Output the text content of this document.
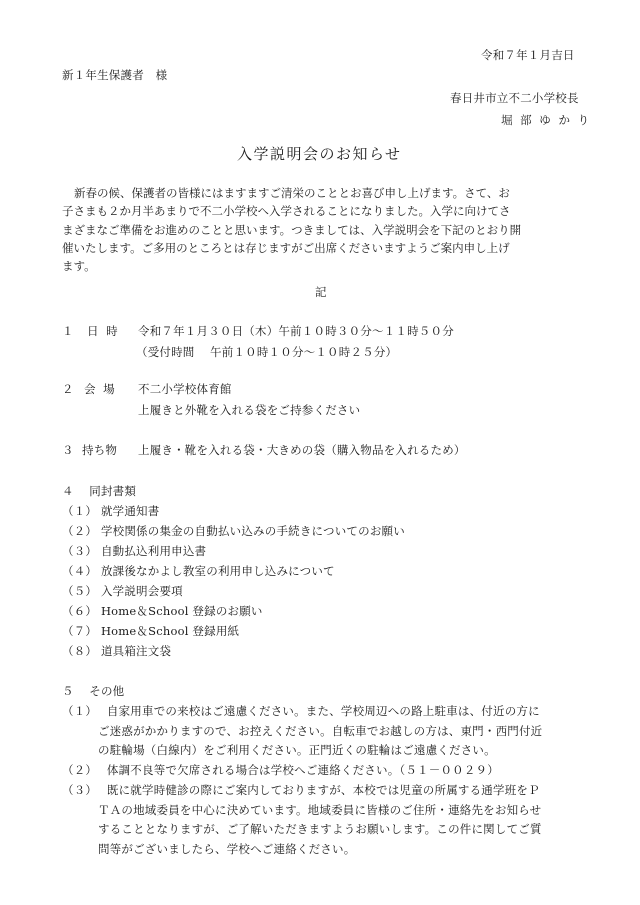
令和７年１月吉日
新１年生保護者　様
春日井市立不二小学校長
堀 部 ゆ か り
入学説明会のお知らせ
新春の候、保護者の皆様にはますますご清栄のこととお喜び申し上げます。さて、お
子さまも２か月半あまりで不二小学校へ入学されることになりました。入学に向けてさ
まざまなご準備をお進めのことと思います。つきましては、入学説明会を下記のとおり開
催いたします。ご多用のところとは存じますがご出席くださいますようご案内申し上げ
ます。
記
１ 日 時 令和７年１月３０日（木）午前１０時３０分～１１時５０分
（受付時間　 午前１０時１０分～１０時２５分）
２ 会 場 不二小学校体育館
上履きと外靴を入れる袋をご持参ください
３ 持ち物 上履き・靴を入れる袋・大きめの袋（購入物品を入れるため）
４　 同封書類
（１） 就学通知書
（２） 学校関係の集金の自動払い込みの手続きについてのお願い
（３） 自動払込利用申込書
（４） 放課後なかよし教室の利用申し込みについて
（５） 入学説明会要項
（６） Home＆School 登録のお願い
（７） Home＆School 登録用紙
（８） 道具箱注文袋
５　 その他
（１）　 自家用車での来校はご遠慮ください。また、学校周辺への路上駐車は、付近の方に
ご迷惑がかかりますので、お控えください。自転車でお越しの方は、東門・西門付近
の駐輪場（白線内）をご利用ください。正門近くの駐輪はご遠慮ください。
（２）　 体調不良等で欠席される場合は学校へご連絡ください。（５１－００２９）
（３）　 既に就学時健診の際にご案内しておりますが、本校では児童の所属する通学班をＰ
ＴＡの地域委員を中心に決めています。地域委員に皆様のご住所・連絡先をお知らせ
することとなりますが、ご了解いただきますようお願いします。この件に関してご質
問等がございましたら、学校へご連絡ください。
